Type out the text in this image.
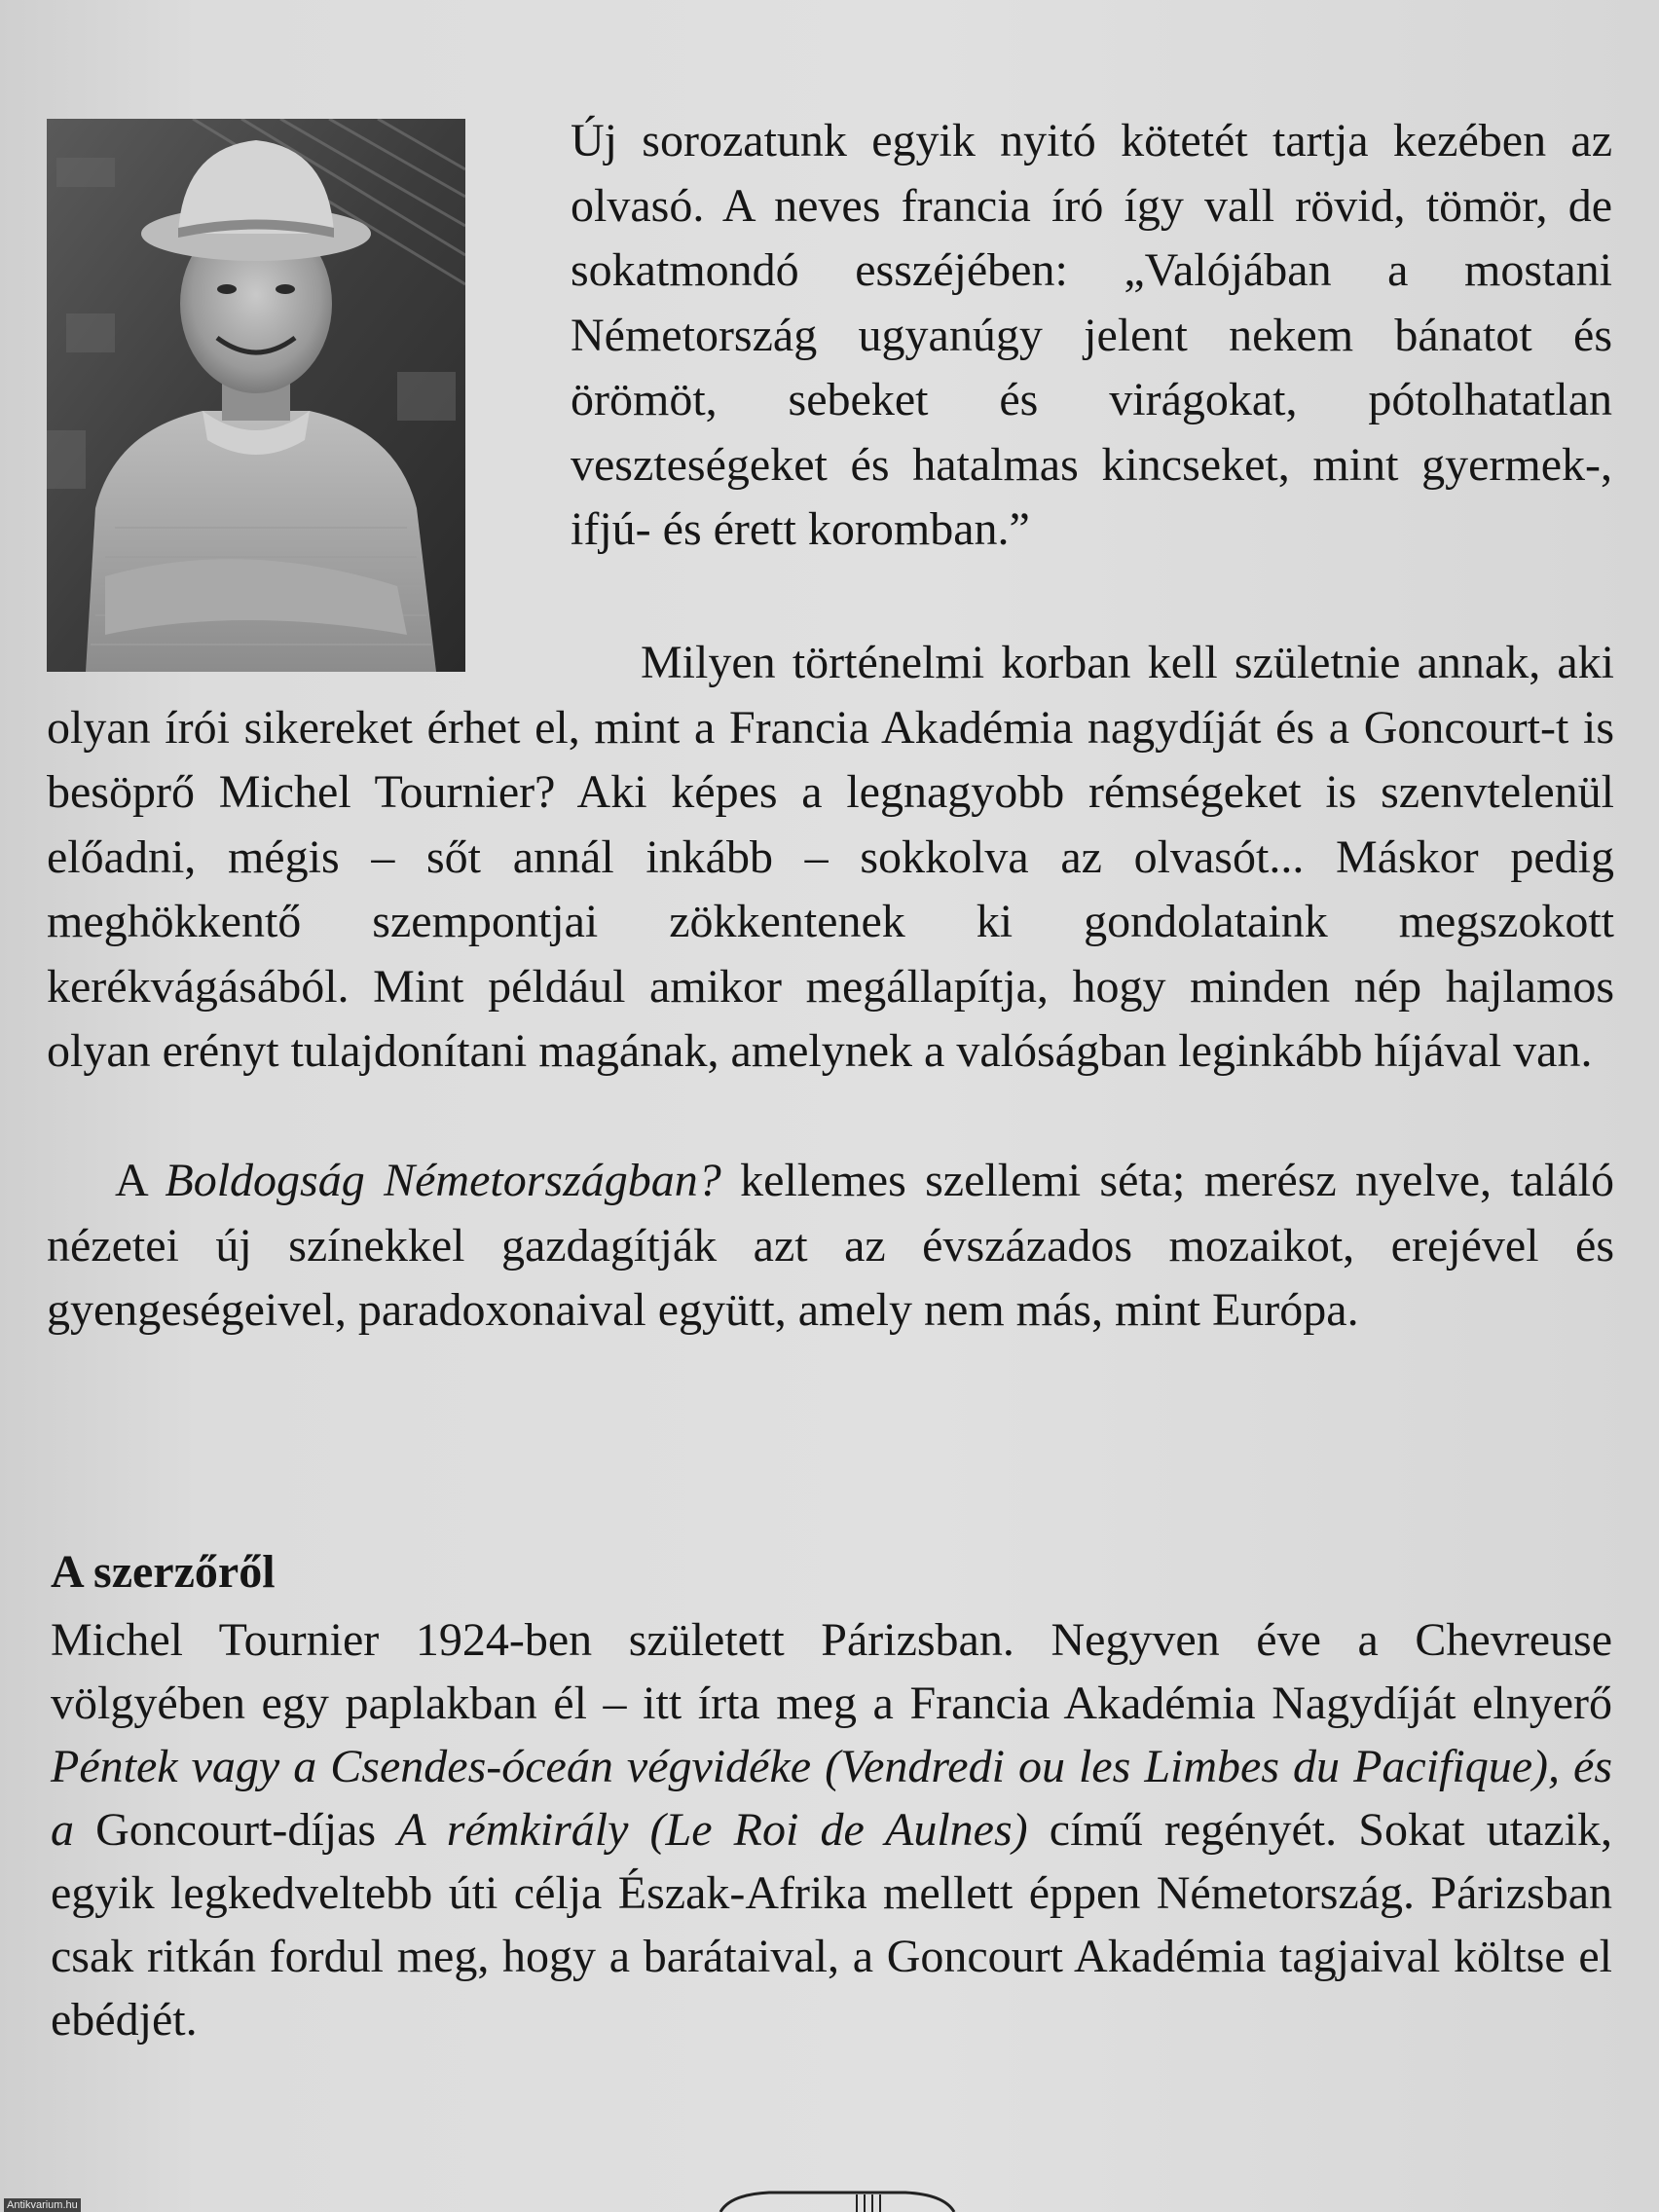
Új sorozatunk egyik nyitó kötetét tartja kezében az olvasó. A neves francia író így vall rövid, tömör, de sokatmondó esszéjében: „Valójában a mostani Németország ugyanúgy jelent nekem bánatot és örömöt, sebeket és virágokat, pótolhatatlan veszteségeket és hatalmas kincseket, mint gyermek-, ifjú- és érett koromban.”

Milyen történelmi korban kell születnie annak, aki olyan írói sikereket érhet el, mint a Francia Akadémia nagydíját és a Goncourt-t is besöprő Michel Tournier? Aki képes a legnagyobb rémségeket is szenvtelenül előadni, mégis – sőt annál inkább – sokkolva az olvasót... Máskor pedig meghökkentő szempontjai zökkentenek ki gondolataink megszokott kerékvágásából. Mint például amikor megállapítja, hogy minden nép hajlamos olyan erényt tulajdonítani magának, amelynek a valóságban leginkább híjával van.

A Boldogság Németországban? kellemes szellemi séta; merész nyelve, találó nézetei új színekkel gazdagítják azt az évszázados mozaikot, erejével és gyengeségeivel, paradoxonaival együtt, amely nem más, mint Európa.

A szerzőről

Michel Tournier 1924-ben született Párizsban. Negyven éve a Chevreuse völgyében egy paplakban él – itt írta meg a Francia Akadémia Nagydíját elnyerő Péntek vagy a Csendes-óceán végvidéke (Vendredi ou les Limbes du Pacifique), és a Goncourt-díjas A rémkirály (Le Roi de Aulnes) című regényét. Sokat utazik, egyik legkedveltebb úti célja Észak-Afrika mellett éppen Németország. Párizsban csak ritkán fordul meg, hogy a barátaival, a Goncourt Akadémia tagjaival költse el ebédjét.

Antikvarium.hu
